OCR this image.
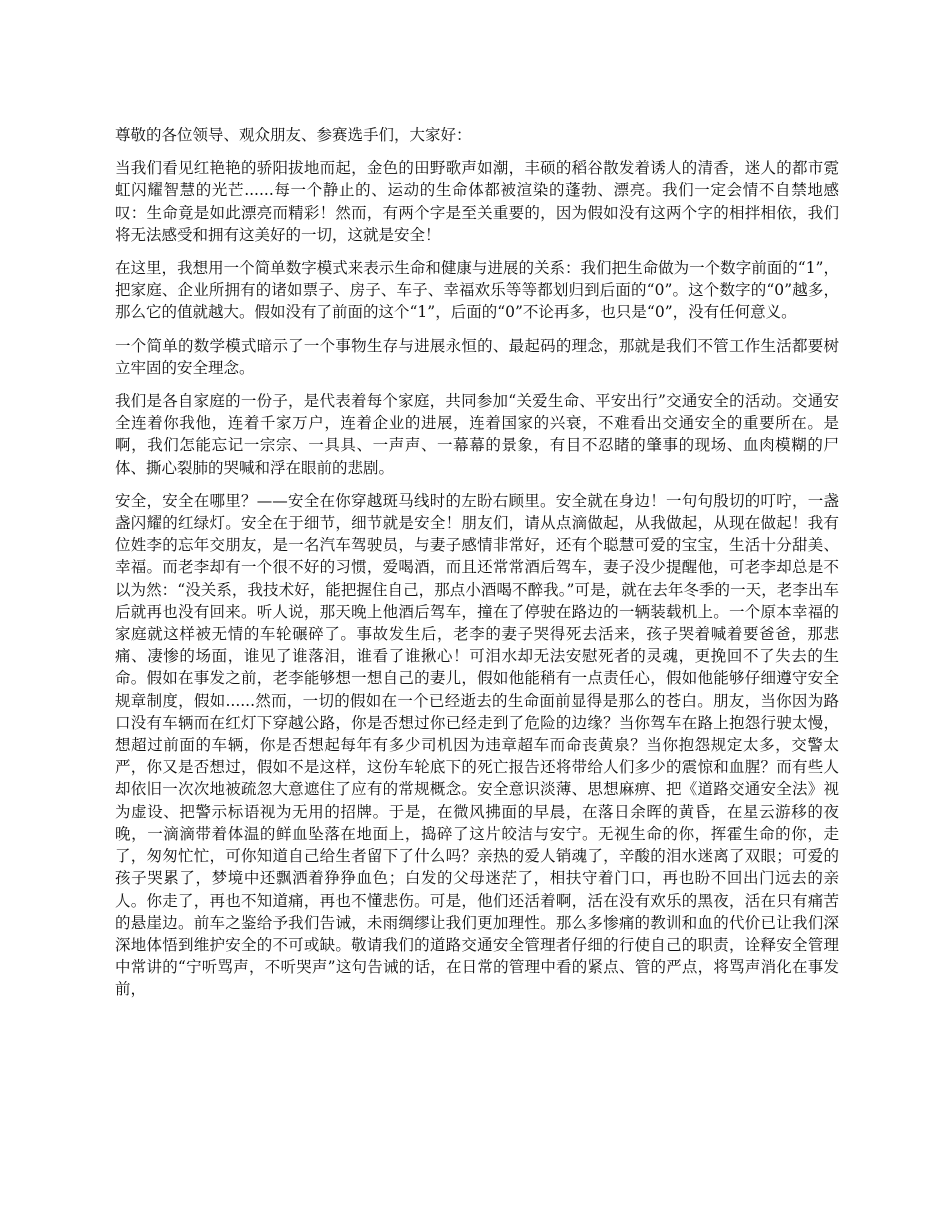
尊敬的各位领导、观众朋友、参赛选手们，大家好：

当我们看见红艳艳的骄阳拔地而起，金色的田野歌声如潮，丰硕的稻谷散发着诱人的清香，迷人的都市霓虹闪耀智慧的光芒......每一个静止的、运动的生命体都被渲染的蓬勃、漂亮。我们一定会情不自禁地感叹：生命竟是如此漂亮而精彩！然而，有两个字是至关重要的，因为假如没有这两个字的相拌相依，我们将无法感受和拥有这美好的一切，这就是安全！

在这里，我想用一个简单数字模式来表示生命和健康与进展的关系：我们把生命做为一个数字前面的“1”，把家庭、企业所拥有的诸如票子、房子、车子、幸福欢乐等等都划归到后面的“0”。这个数字的“0”越多，那么它的值就越大。假如没有了前面的这个“1”，后面的“0”不论再多，也只是“0”，没有任何意义。

一个简单的数学模式暗示了一个事物生存与进展永恒的、最起码的理念，那就是我们不管工作生活都要树立牢固的安全理念。

我们是各自家庭的一份子，是代表着每个家庭，共同参加“关爱生命、平安出行”交通安全的活动。交通安全连着你我他，连着千家万户，连着企业的进展，连着国家的兴衰，不难看出交通安全的重要所在。是啊，我们怎能忘记一宗宗、一具具、一声声、一幕幕的景象，有目不忍睹的肇事的现场、血肉模糊的尸体、撕心裂肺的哭喊和浮在眼前的悲剧。

安全，安全在哪里？——安全在你穿越斑马线时的左盼右顾里。安全就在身边！一句句殷切的叮咛，一盏盏闪耀的红绿灯。安全在于细节，细节就是安全！朋友们，请从点滴做起，从我做起，从现在做起！我有位姓李的忘年交朋友，是一名汽车驾驶员，与妻子感情非常好，还有个聪慧可爱的宝宝，生活十分甜美、幸福。而老李却有一个很不好的习惯，爱喝酒，而且还常常酒后驾车，妻子没少提醒他，可老李却总是不以为然：“没关系，我技术好，能把握住自己，那点小酒喝不醉我。”可是，就在去年冬季的一天，老李出车后就再也没有回来。听人说，那天晚上他酒后驾车，撞在了停驶在路边的一辆装载机上。一个原本幸福的家庭就这样被无情的车轮碾碎了。事故发生后，老李的妻子哭得死去活来，孩子哭着喊着要爸爸，那悲痛、凄惨的场面，谁见了谁落泪，谁看了谁揪心！可泪水却无法安慰死者的灵魂，更挽回不了失去的生命。假如在事发之前，老李能够想一想自己的妻儿，假如他能稍有一点责任心，假如他能够仔细遵守安全规章制度，假如......然而，一切的假如在一个已经逝去的生命面前显得是那么的苍白。朋友，当你因为路口没有车辆而在红灯下穿越公路，你是否想过你已经走到了危险的边缘？当你驾车在路上抱怨行驶太慢，想超过前面的车辆，你是否想起每年有多少司机因为违章超车而命丧黄泉？当你抱怨规定太多，交警太严，你又是否想过，假如不是这样，这份车轮底下的死亡报告还将带给人们多少的震惊和血腥？而有些人却依旧一次次地被疏忽大意遮住了应有的常规概念。安全意识淡薄、思想麻痹、把《道路交通安全法》视为虚设、把警示标语视为无用的招牌。于是，在微风拂面的早晨，在落日余晖的黄昏，在星云游移的夜晚，一滴滴带着体温的鲜血坠落在地面上，捣碎了这片皎洁与安宁。无视生命的你，挥霍生命的你，走了，匆匆忙忙，可你知道自己给生者留下了什么吗？亲热的爱人销魂了，辛酸的泪水迷离了双眼；可爱的孩子哭累了，梦境中还飘洒着狰狰血色；白发的父母迷茫了，相扶守着门口，再也盼不回出门远去的亲人。你走了，再也不知道痛，再也不懂悲伤。可是，他们还活着啊，活在没有欢乐的黑夜，活在只有痛苦的悬崖边。前车之鉴给予我们告诫，未雨绸缪让我们更加理性。那么多惨痛的教训和血的代价已让我们深深地体悟到维护安全的不可或缺。敬请我们的道路交通安全管理者仔细的行使自己的职责，诠释安全管理中常讲的“宁听骂声，不听哭声”这句告诫的话，在日常的管理中看的紧点、管的严点，将骂声消化在事发前，
